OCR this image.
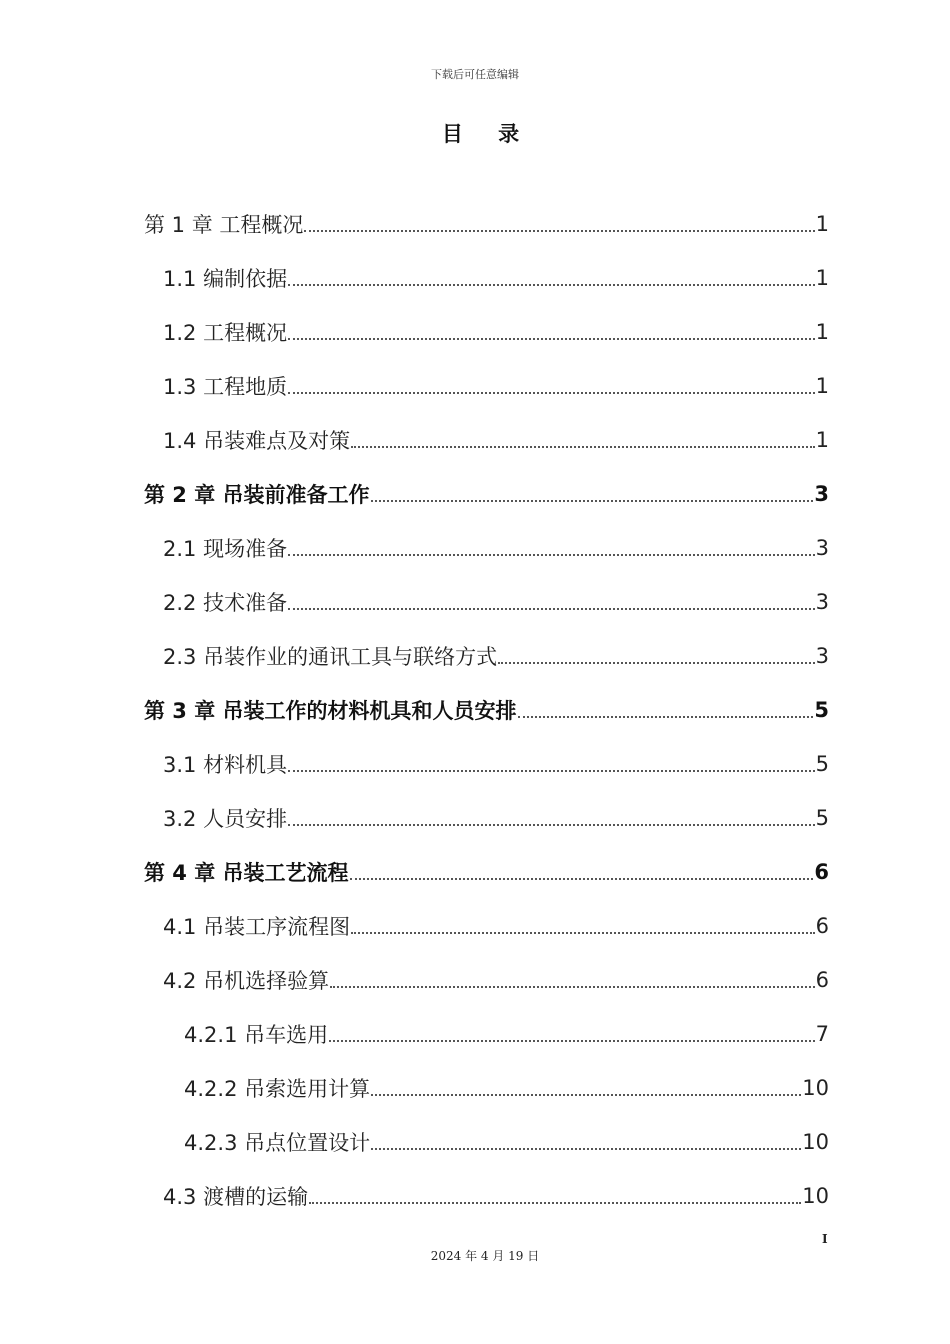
下载后可任意编辑
目 录
第 1 章 工程概况	1
1.1 编制依据	1
1.2 工程概况	1
1.3 工程地质	1
1.4 吊装难点及对策	1
第 2 章 吊装前准备工作	3
2.1 现场准备	3
2.2 技术准备	3
2.3 吊装作业的通讯工具与联络方式	3
第 3 章 吊装工作的材料机具和人员安排	5
3.1 材料机具	5
3.2 人员安排	5
第 4 章 吊装工艺流程	6
4.1 吊装工序流程图	6
4.2 吊机选择验算	6
4.2.1 吊车选用	7
4.2.2 吊索选用计算	10
4.2.3 吊点位置设计	10
4.3 渡槽的运输	10
I
2024 年 4 月 19 日
